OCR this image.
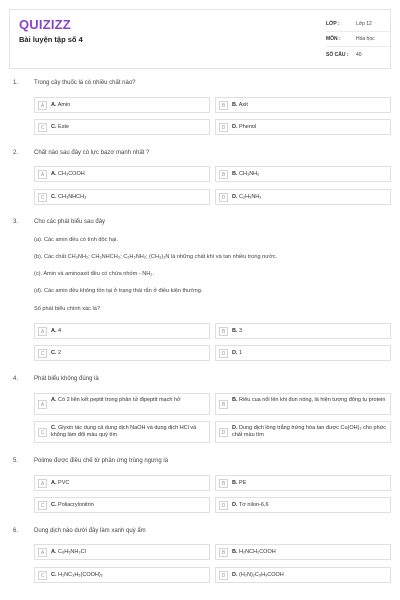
QUIZIZZ
Bài luyện tập số 4
LỚP :	Lớp 12
MÔN :	Hóa học
SỐ CÂU :	40
1.	Trong cây thuốc lá có nhiều chất nào?
A	A. Amin	B	B. Axit
C	C. Este	D	D. Phenol
2.	Chất nào sau đây có lực bazơ mạnh nhất ?
A	A. CH₃COOH	B	B. CH₃NH₂
C	C. CH₃NHCH₃	D	D. C₂H₅NH₂
3.	Cho các phát biểu sau đây
(a). Các amin đều có tính độc hại.
(b). Các chất CH₃NH₂; CH₃NHCH₃; C₂H₅NH₂; (CH₃)₃N là những chất khí và tan nhiều trong nước.
(c). Amin và aminoaxit đều có chứa nhóm - NH₂.
(d). Các amin đều không tồn tại ở trạng thái rắn ở điều kiện thường.
Số phát biểu chính xác là?
A	A. 4	B	B. 3
C	C. 2	D	D. 1
4.	Phát biểu không đúng là
A
A. Có 2 liên kết peptit trong phân tử đipeptit mạch hở
B
B. Riêu cua nổi lên khi đun nóng, là hiện tượng đông tụ protein
C
C. Glyxin tác dụng cả dung dịch NaOH và dung dịch HCl và không làm đổi màu quỳ tím	D
D. Dung dịch lòng trắng trứng hòa tan được Cu(OH)₂ cho phức chất màu tím
5.	Polime được điều chế từ phản ứng trùng ngưng là
A	A. PVC	B	B. PE
C	C. Poliacrylonitrin	D	D. Tơ nilon-6,6
6.	Dung dịch nào dưới đây làm xanh quỳ ẩm
A	A. C₆H₅NH₃Cl	B	B. H₂NCH₂COOH
C	C. H₂NC₃H₅(COOH)₂	D	D. (H₂N)₂C₅H₉COOH
